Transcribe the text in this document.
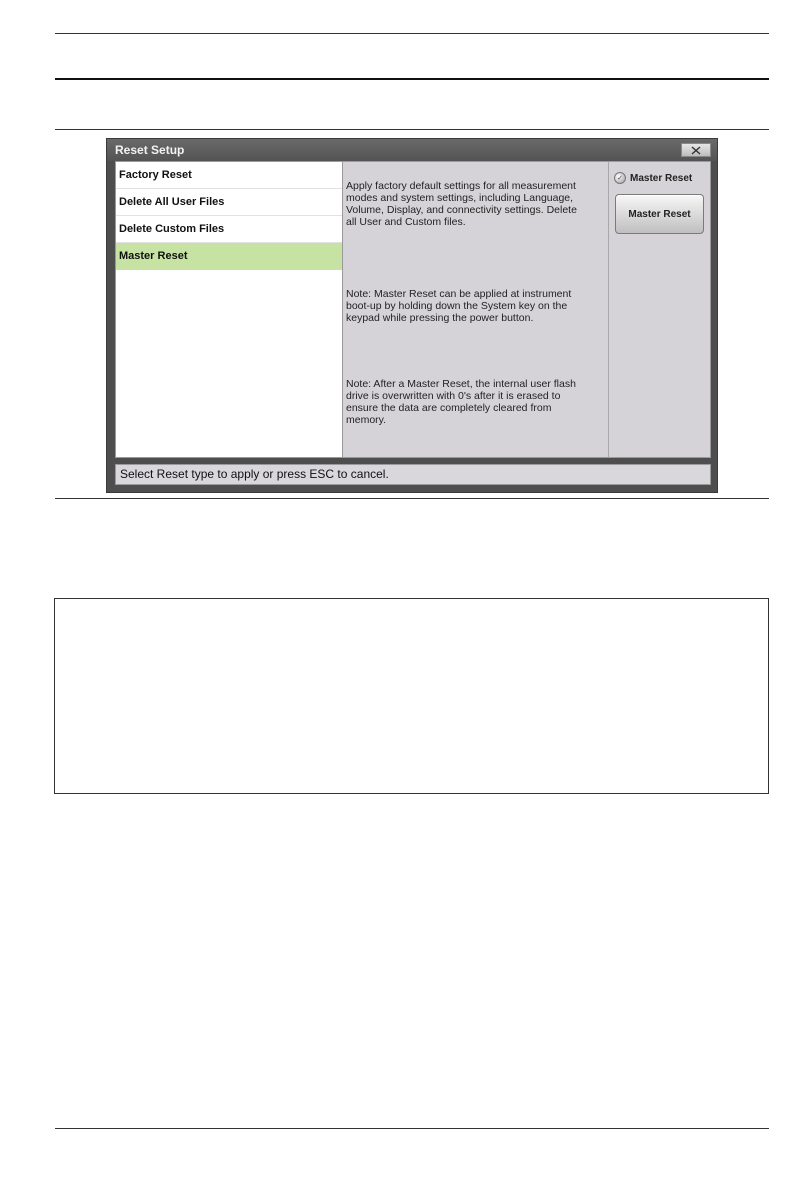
Reset Setup
Factory Reset
Delete All User Files
Delete Custom Files
Master Reset
Apply factory default settings for all measurement modes and system settings, including Language, Volume, Display, and connectivity settings. Delete all User and Custom files.
Note: Master Reset can be applied at instrument boot-up by holding down the System key on the keypad while pressing the power button.
Note: After a Master Reset, the internal user flash drive is overwritten with 0's after it is erased to ensure the data are completely cleared from memory.
✓ Master Reset
Master Reset
Select Reset type to apply or press ESC to cancel.
